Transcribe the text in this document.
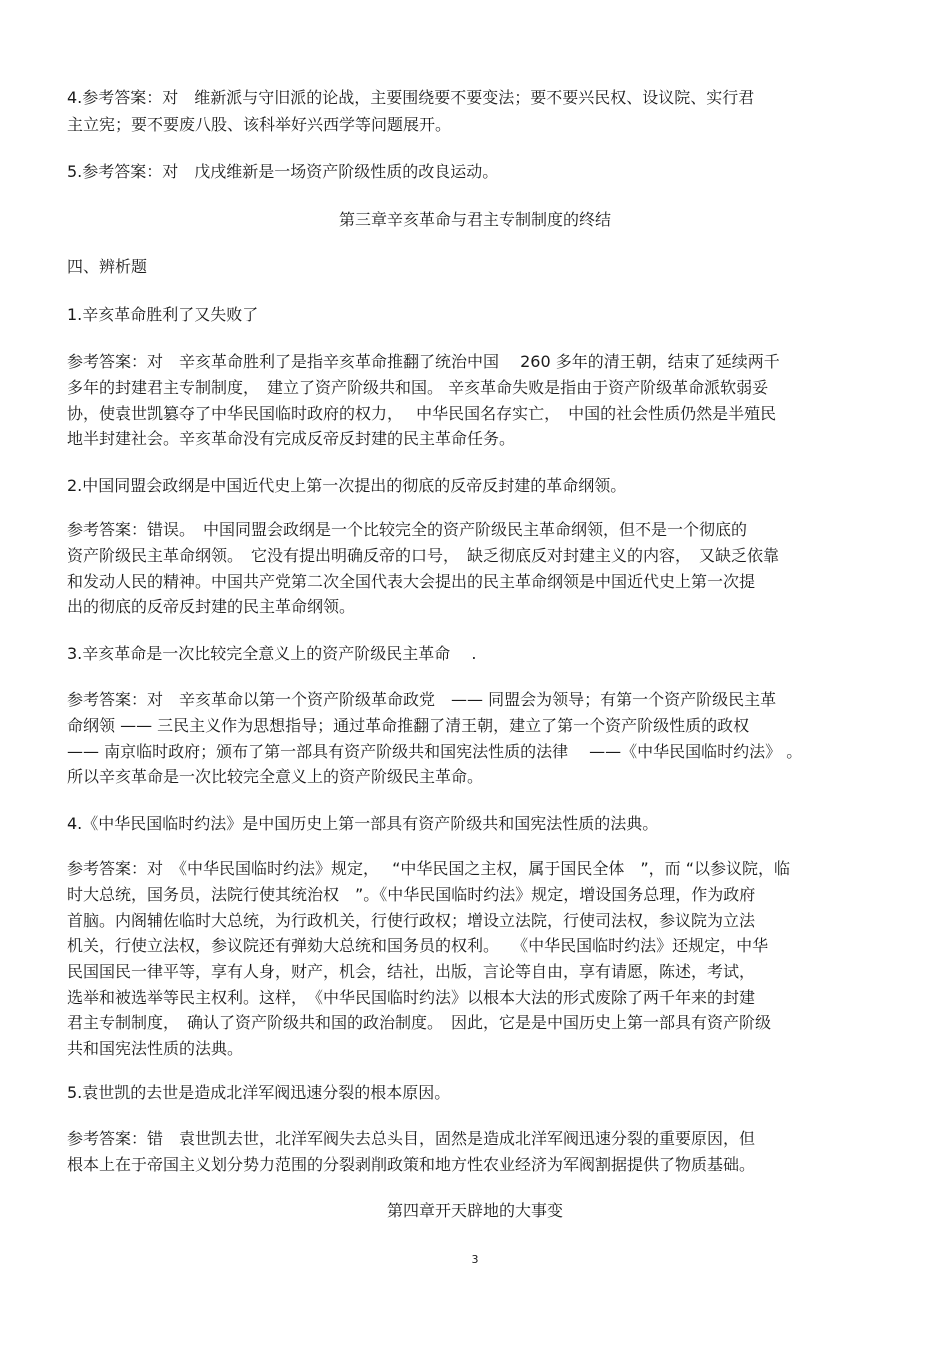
4.参考答案：对　维新派与守旧派的论战，主要围绕要不要变法；要不要兴民权、设议院、实行君
主立宪；要不要废八股、该科举好兴西学等问题展开。
5.参考答案：对　戊戌维新是一场资产阶级性质的改良运动。
第三章辛亥革命与君主专制制度的终结
四、辨析题
1.辛亥革命胜利了又失败了
参考答案：对　辛亥革命胜利了是指辛亥革命推翻了统治中国　 260 多年的清王朝，结束了延续两千
多年的封建君主专制制度，　建立了资产阶级共和国。 辛亥革命失败是指由于资产阶级革命派软弱妥
协，使袁世凯篡夺了中华民国临时政府的权力，　 中华民国名存实亡，　中国的社会性质仍然是半殖民
地半封建社会。辛亥革命没有完成反帝反封建的民主革命任务。
2.中国同盟会政纲是中国近代史上第一次提出的彻底的反帝反封建的革命纲领。
参考答案：错误。　中国同盟会政纲是一个比较完全的资产阶级民主革命纲领，但不是一个彻底的
资产阶级民主革命纲领。　它没有提出明确反帝的口号，　缺乏彻底反对封建主义的内容，　又缺乏依靠
和发动人民的精神。中国共产党第二次全国代表大会提出的民主革命纲领是中国近代史上第一次提
出的彻底的反帝反封建的民主革命纲领。
3.辛亥革命是一次比较完全意义上的资产阶级民主革命　 .
参考答案：对　辛亥革命以第一个资产阶级革命政党　—— 同盟会为领导；有第一个资产阶级民主革
命纲领 —— 三民主义作为思想指导；通过革命推翻了清王朝，建立了第一个资产阶级性质的政权
—— 南京临时政府；颁布了第一部具有资产阶级共和国宪法性质的法律　 ——《中华民国临时约法》 。
所以辛亥革命是一次比较完全意义上的资产阶级民主革命。
4.《中华民国临时约法》是中国历史上第一部具有资产阶级共和国宪法性质的法典。
参考答案：对　《中华民国临时约法》规定，　 “中华民国之主权，属于国民全体　”，而 “以参议院，临
时大总统，国务员，法院行使其统治权　”。《中华民国临时约法》规定，增设国务总理，作为政府
首脑。内阁辅佐临时大总统，为行政机关，行使行政权；增设立法院，行使司法权，参议院为立法
机关，行使立法权，参议院还有弹劾大总统和国务员的权利。　 《中华民国临时约法》还规定，中华
民国国民一律平等，享有人身，财产，机会，结社，出版，言论等自由，享有请愿，陈述，考试，
选举和被选举等民主权利。这样，　《中华民国临时约法》以根本大法的形式废除了两千年来的封建
君主专制制度，　确认了资产阶级共和国的政治制度。　因此，它是是中国历史上第一部具有资产阶级
共和国宪法性质的法典。
5.袁世凯的去世是造成北洋军阀迅速分裂的根本原因。
参考答案：错　袁世凯去世，北洋军阀失去总头目，固然是造成北洋军阀迅速分裂的重要原因，但
根本上在于帝国主义划分势力范围的分裂剥削政策和地方性农业经济为军阀割据提供了物质基础。
第四章开天辟地的大事变
3
